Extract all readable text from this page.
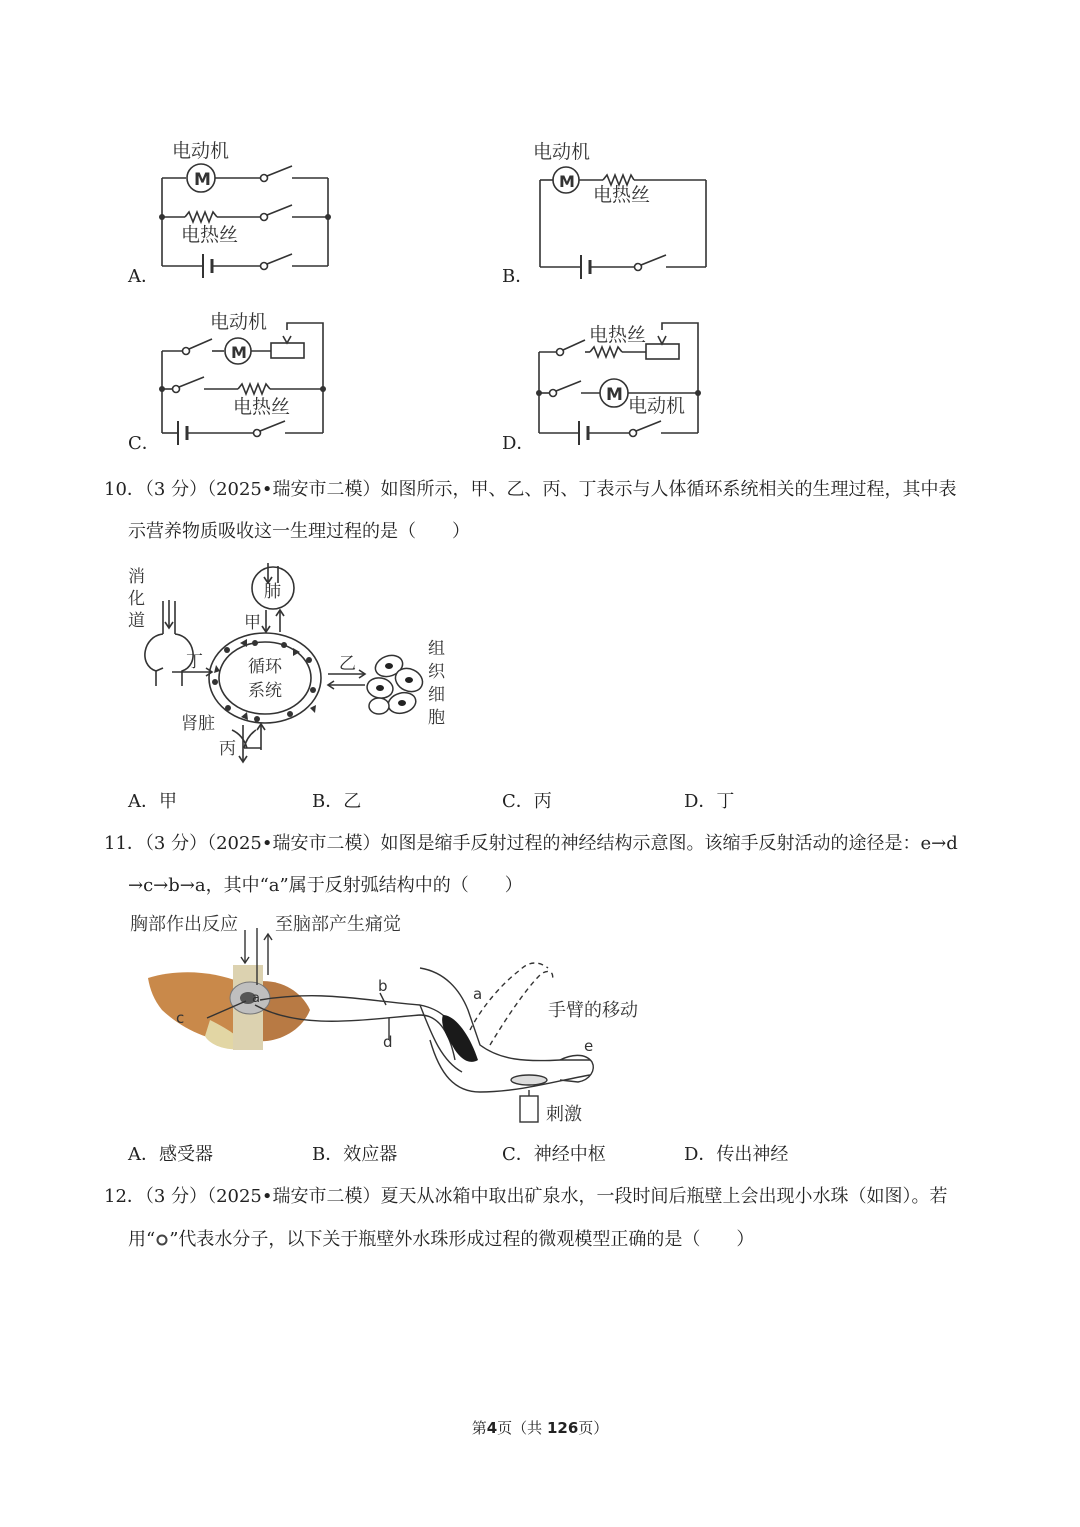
M
电动机
电热丝
A．
M
电动机
电热丝
B．
M
电动机
电热丝
C．
M
电热丝
电动机
D．
10．（3 分）（2025•瑞安市二模）如图所示，甲、乙、丙、丁表示与人体循环系统相关的生理过程，其中表
示营养物质吸收这一生理过程的是（　　）
消
化
道
肺
甲
丁	循环
系统
乙
组
织
细
胞
肾脏
丙
A．甲	B．乙	C．丙	D．丁
11．（3 分）（2025•瑞安市二模）如图是缩手反射过程的神经结构示意图。该缩手反射活动的途径是：e→d
→c→b→a，其中“a”属于反射弧结构中的（　　）
胸部作出反应 至脑部产生痛觉
a
b	a
c
d
手臂的移动
e
刺激
A．感受器	B．效应器	C．神经中枢	D．传出神经
12．（3 分）（2025•瑞安市二模）夏天从冰箱中取出矿泉水，一段时间后瓶壁上会出现小水珠（如图）。若
用“ ”代表水分子，以下关于瓶壁外水珠形成过程的微观模型正确的是（　　）
第4页（共 126页）
